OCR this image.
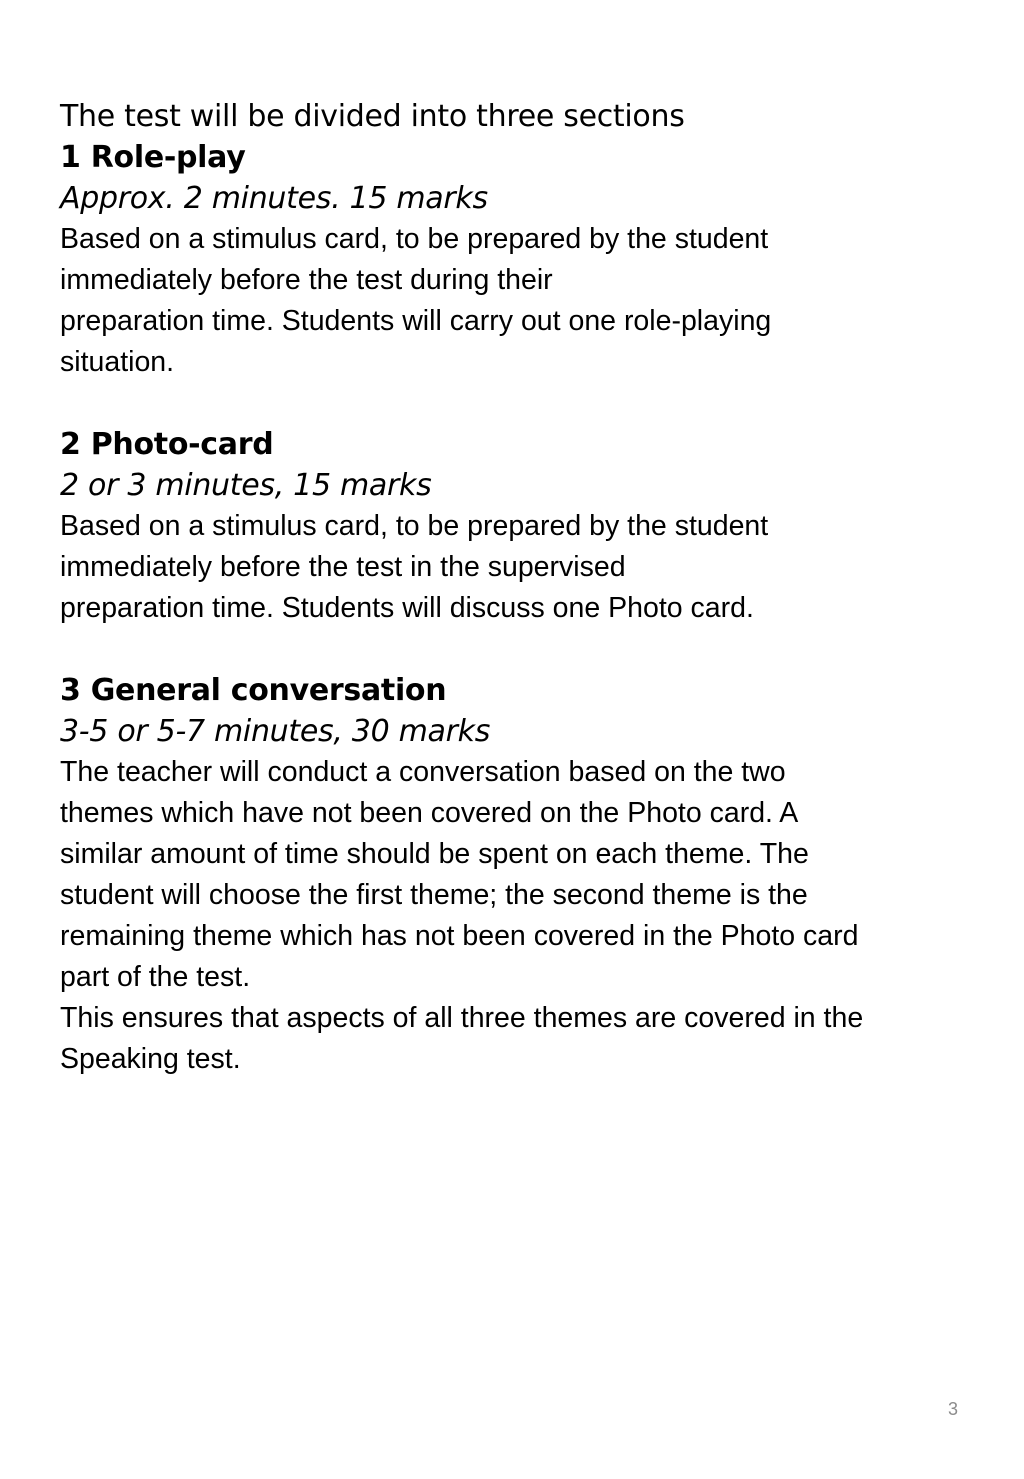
The test will be divided into three sections

1 Role-play

Approx. 2 minutes. 15 marks

Based on a stimulus card, to be prepared by the student

immediately before the test during their

preparation time. Students will carry out one role-playing

situation.

2 Photo-card

2 or 3 minutes, 15 marks

Based on a stimulus card, to be prepared by the student

immediately before the test in the supervised

preparation time. Students will discuss one Photo card.

3 General conversation

3-5 or 5-7 minutes, 30 marks

The teacher will conduct a conversation based on the two

themes which have not been covered on the Photo card. A

similar amount of time should be spent on each theme. The

student will choose the first theme; the second theme is the

remaining theme which has not been covered in the Photo card

part of the test.

This ensures that aspects of all three themes are covered in the

Speaking test.

3
